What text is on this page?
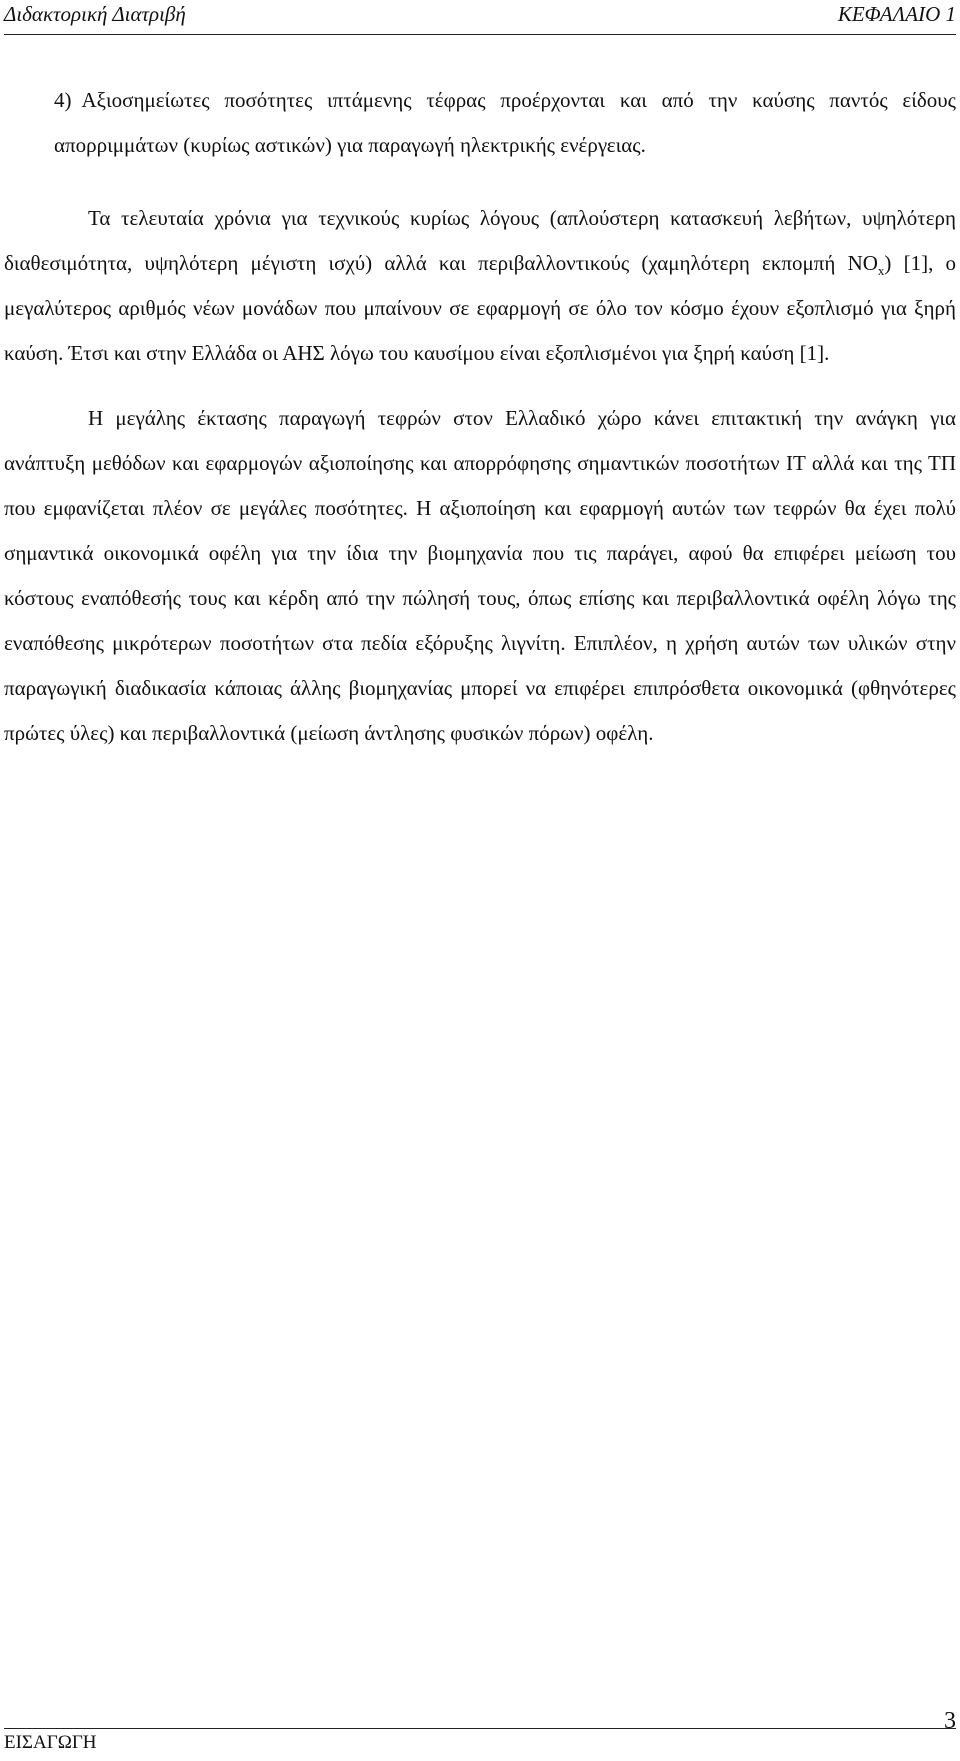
Διδακτορική Διατριβή	ΚΕΦΑΛΑΙΟ 1

4) Αξιοσημείωτες ποσότητες ιπτάμενης τέφρας προέρχονται και από την καύσης παντός είδους απορριμμάτων (κυρίως αστικών) για παραγωγή ηλεκτρικής ενέργειας.

Τα τελευταία χρόνια για τεχνικούς κυρίως λόγους (απλούστερη κατασκευή λεβήτων, υψηλότερη διαθεσιμότητα, υψηλότερη μέγιστη ισχύ) αλλά και περιβαλλοντικούς (χαμηλότερη εκπομπή $NO_x$) [1], ο μεγαλύτερος αριθμός νέων μονάδων που μπαίνουν σε εφαρμογή σε όλο τον κόσμο έχουν εξοπλισμό για ξηρή καύση. Έτσι και στην Ελλάδα οι ΑΗΣ λόγω του καυσίμου είναι εξοπλισμένοι για ξηρή καύση [1].

Η μεγάλης έκτασης παραγωγή τεφρών στον Ελλαδικό χώρο κάνει επιτακτική την ανάγκη για ανάπτυξη μεθόδων και εφαρμογών αξιοποίησης και απορρόφησης σημαντικών ποσοτήτων ΙΤ αλλά και της ΤΠ που εμφανίζεται πλέον σε μεγάλες ποσότητες. Η αξιοποίηση και εφαρμογή αυτών των τεφρών θα έχει πολύ σημαντικά οικονομικά οφέλη για την ίδια την βιομηχανία που τις παράγει, αφού θα επιφέρει μείωση του κόστους εναπόθεσής τους και κέρδη από την πώλησή τους, όπως επίσης και περιβαλλοντικά οφέλη λόγω της εναπόθεσης μικρότερων ποσοτήτων στα πεδία εξόρυξης λιγνίτη. Επιπλέον, η χρήση αυτών των υλικών στην παραγωγική διαδικασία κάποιας άλλης βιομηχανίας μπορεί να επιφέρει επιπρόσθετα οικονομικά (φθηνότερες πρώτες ύλες) και περιβαλλοντικά (μείωση άντλησης φυσικών πόρων) οφέλη.

3
ΕΙΣΑΓΩΓΗ
